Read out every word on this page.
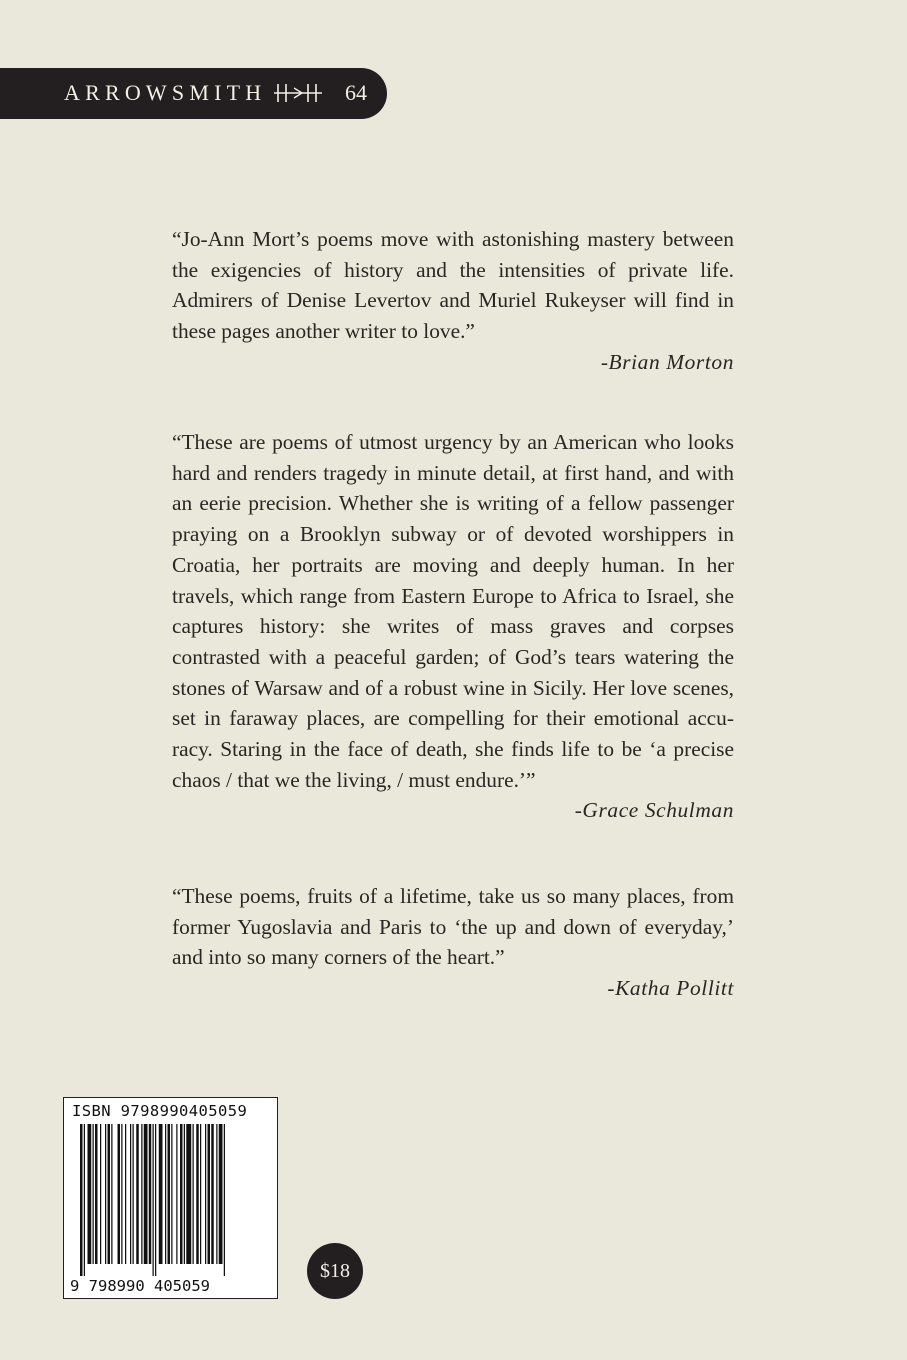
ARROWSMITH	64

“Jo-Ann Mort’s poems move with astonishing mastery between the exigencies of history and the intensities of private life. Admirers of Denise Levertov and Muriel Rukeyser will find in these pages another writer to love.”

-Brian Morton

“These are poems of utmost urgency by an American who looks hard and renders tragedy in minute detail, at first hand, and with an eerie precision. Whether she is writing of a fellow passenger praying on a Brooklyn subway or of devoted worshippers in Croatia, her portraits are moving and deeply human. In her travels, which range from Eastern Europe to Africa to Israel, she captures history: she writes of mass graves and corpses contrasted with a peaceful garden; of God’s tears watering the stones of Warsaw and of a robust wine in Sicily. Her love scenes, set in faraway places, are compelling for their emotional accuracy. Staring in the face of death, she finds life to be ‘a precise chaos / that we the living, / must endure.’”

-Grace Schulman

“These poems, fruits of a lifetime, take us so many places, from former Yugoslavia and Paris to ‘the up and down of everyday,’ and into so many corners of the heart.”

-Katha Pollitt
ISBN 9798990405059
9 798990 405059
$18
